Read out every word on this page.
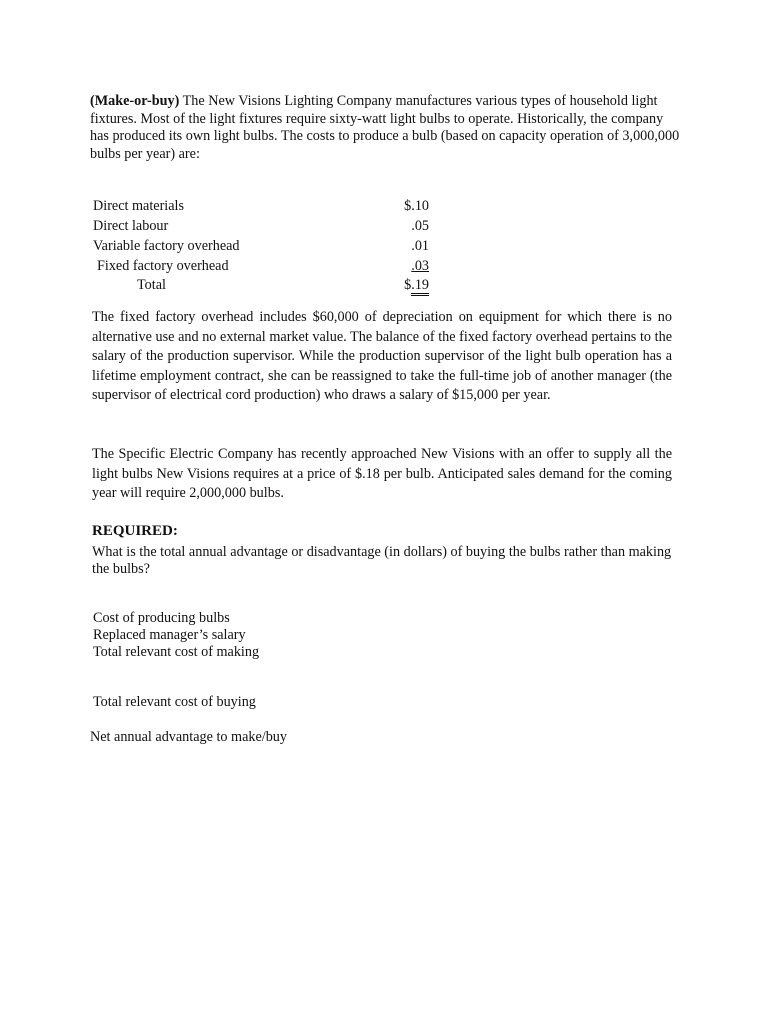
(Make-or-buy) The New Visions Lighting Company manufactures various types of household light fixtures. Most of the light fixtures require sixty-watt light bulbs to operate. Historically, the company has produced its own light bulbs. The costs to produce a bulb (based on capacity operation of 3,000,000 bulbs per year) are:

Direct materials	$.10
Direct labour	.05
Variable factory overhead	.01
Fixed factory overhead	.03
Total	$.19

The fixed factory overhead includes $60,000 of depreciation on equipment for which there is no alternative use and no external market value. The balance of the fixed factory overhead pertains to the salary of the production supervisor. While the production supervisor of the light bulb operation has a lifetime employment contract, she can be reassigned to take the full-time job of another manager (the supervisor of electrical cord production) who draws a salary of $15,000 per year.

The Specific Electric Company has recently approached New Visions with an offer to supply all the light bulbs New Visions requires at a price of $.18 per bulb. Anticipated sales demand for the coming year will require 2,000,000 bulbs.

REQUIRED:
What is the total annual advantage or disadvantage (in dollars) of buying the bulbs rather than making the bulbs?
Cost of producing bulbs
Replaced manager’s salary
Total relevant cost of making
Total relevant cost of buying
Net annual advantage to make/buy
